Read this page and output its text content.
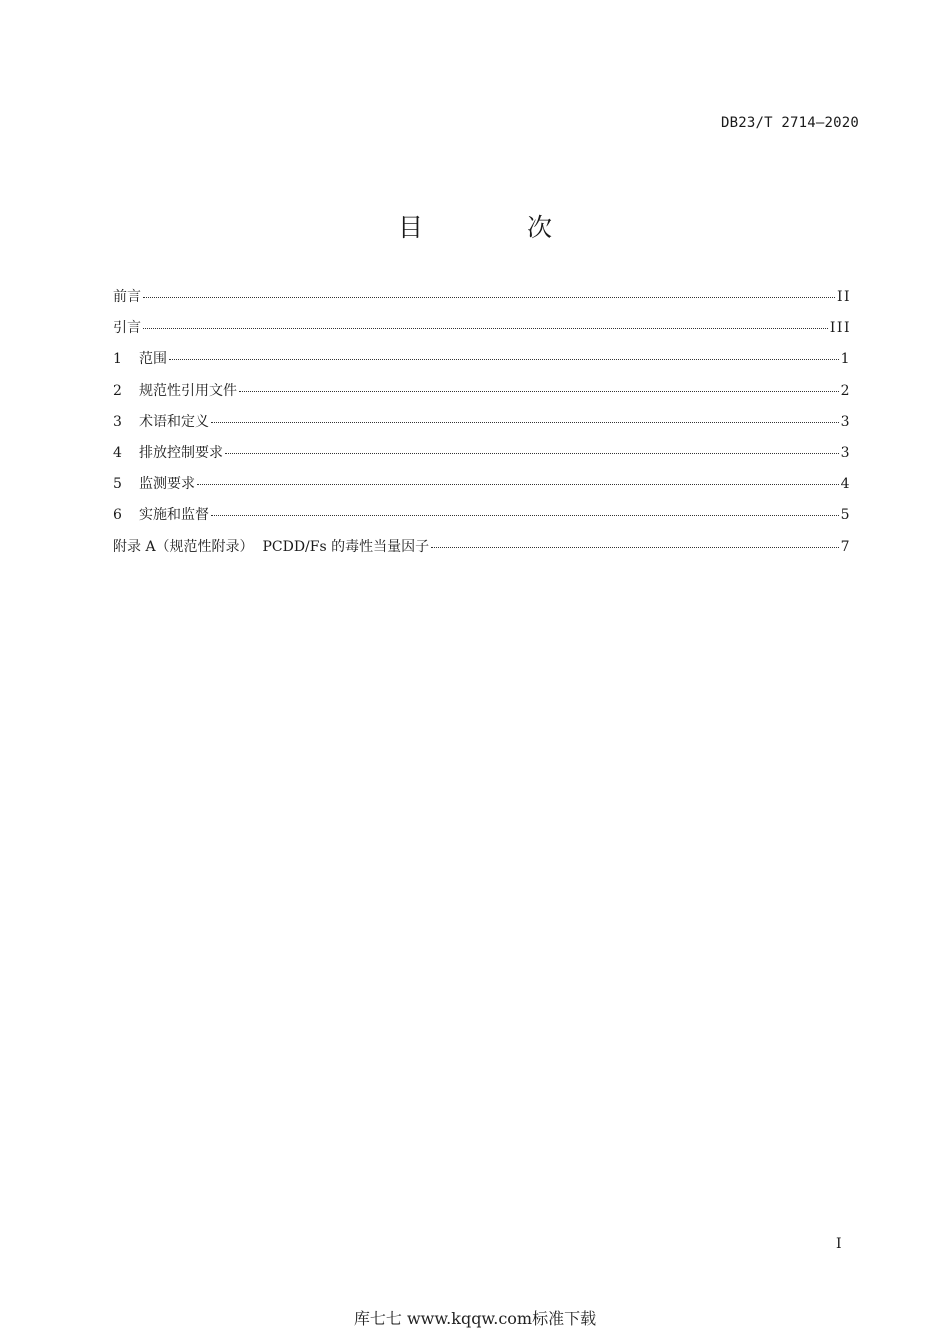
DB23/T 2714—2020
目 次
前言	II
引言	III
1	范围	1
2	规范性引用文件	2
3	术语和定义	3
4	排放控制要求	3
5	监测要求	4
6	实施和监督	5
附录 A（规范性附录）  PCDD/Fs 的毒性当量因子	7
I
库七七 www.kqqw.com标准下载
